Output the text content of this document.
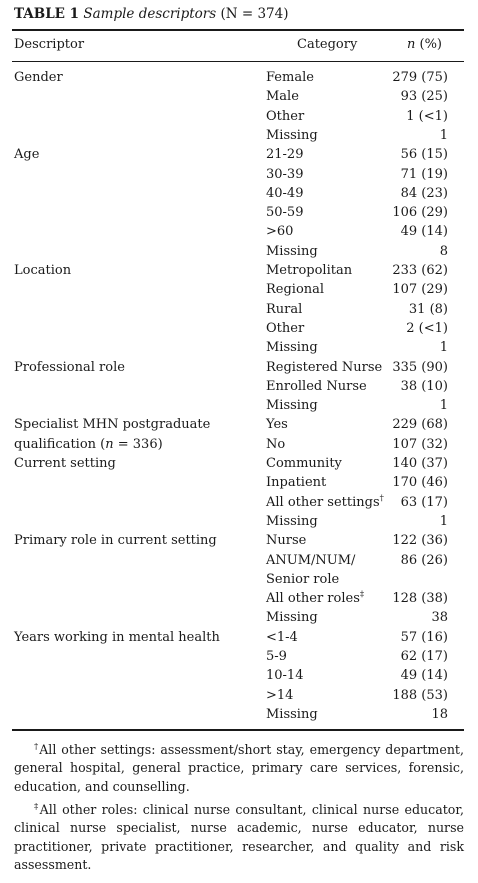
TABLE 1 Sample descriptors (N = 374)
Descriptor	Category	n (%)
Gender	Female	279 (75)
Male	93 (25)
Other	1 (<1)
Missing	1
Age	21-29	56 (15)
30-39	71 (19)
40-49	84 (23)
50-59	106 (29)
>60	49 (14)
Missing	8
Location	Metropolitan	233 (62)
Regional	107 (29)
Rural	31 (8)
Other	2 (<1)
Missing	1
Professional role	Registered Nurse 335 (90)
Enrolled Nurse	38 (10)
Missing	1
Specialist MHN postgraduate	Yes	229 (68)
qualification (n = 336)	No	107 (32)
Current setting	Community	140 (37)
Inpatient	170 (46)
All other settings† 63 (17)
Missing	1
Primary role in current setting	Nurse	122 (36)
ANUM/NUM/	86 (26)
Senior role
All other roles‡ 128 (38)
Missing	38
Years working in mental health	<1-4	57 (16)
5-9	62 (17)
10-14	49 (14)
>14	188 (53)
Missing	18
†All other settings: assessment/short stay, emergency department, general hospital, general practice, primary care services, forensic, education, and counselling.
‡All other roles: clinical nurse consultant, clinical nurse educator, clinical nurse specialist, nurse academic, nurse educator, nurse practitioner, private practitioner, researcher, and quality and risk assessment.
